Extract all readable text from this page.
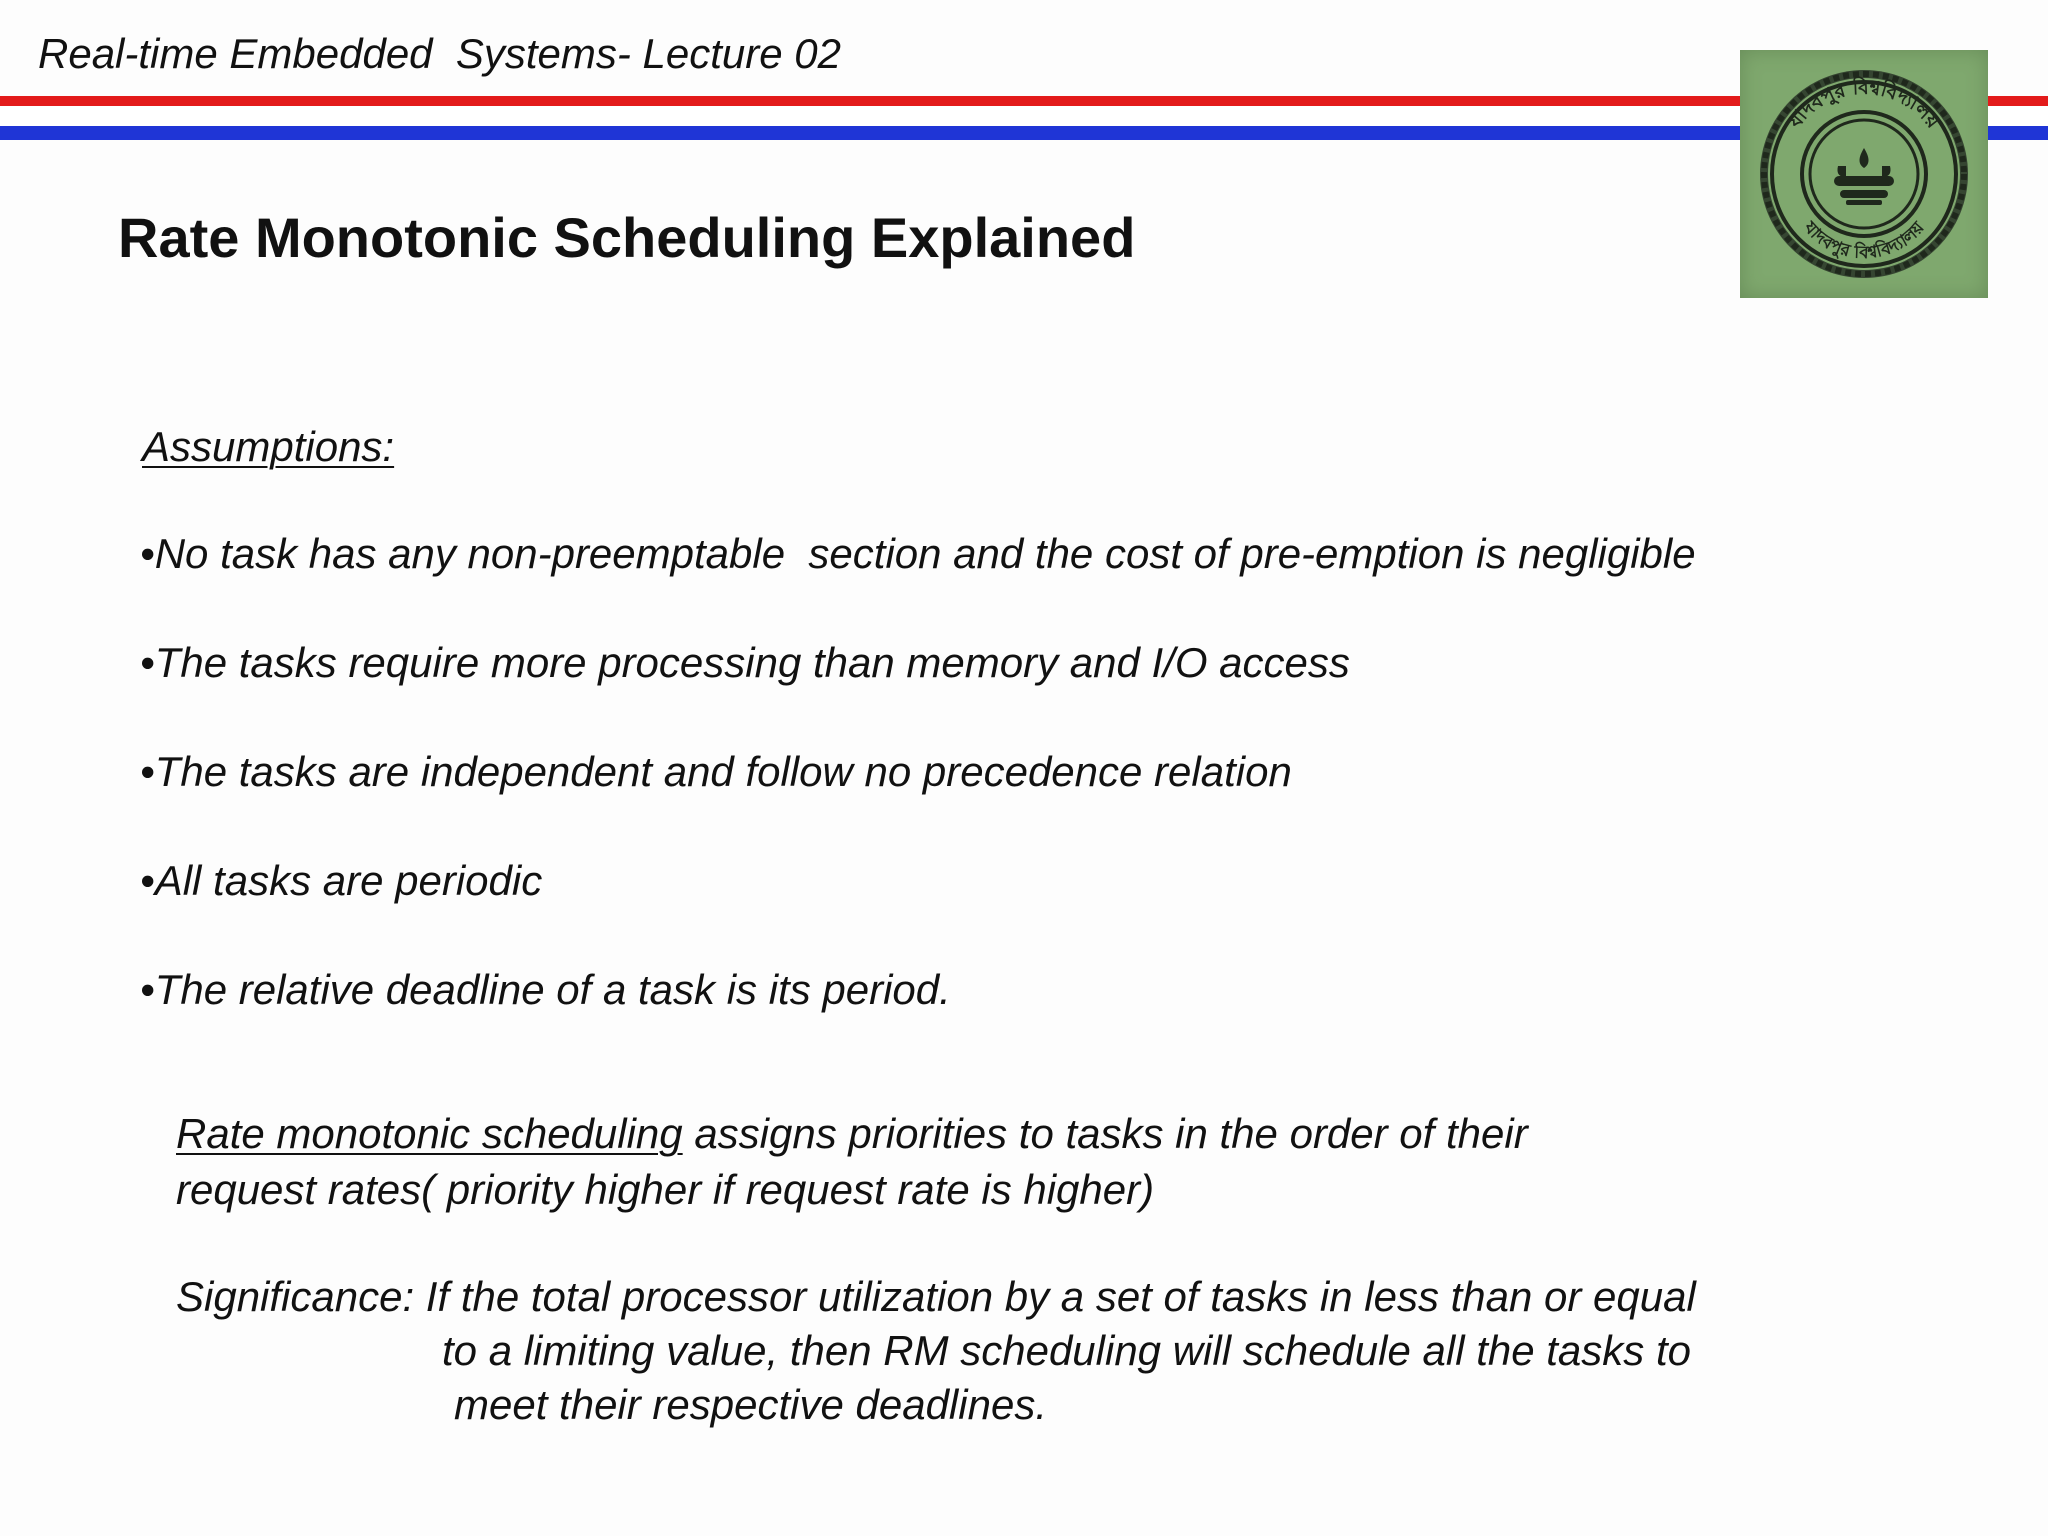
Real-time Embedded  Systems- Lecture 02
যাদবপুর বিশ্ববিদ্যালয়
যাদবপুর বিশ্ববিদ্যালয়
Rate Monotonic Scheduling Explained
Assumptions:
•No task has any non-preemptable  section and the cost of pre-emption is negligible
•The tasks require more processing than memory and I/O access
•The tasks are independent and follow no precedence relation
•All tasks are periodic
•The relative deadline of a task is its period.
Rate monotonic scheduling assigns priorities to tasks in the order of their
request rates( priority higher if request rate is higher)
Significance: If the total processor utilization by a set of tasks in less than or equal
to a limiting value, then RM scheduling will schedule all the tasks to
meet their respective deadlines.
